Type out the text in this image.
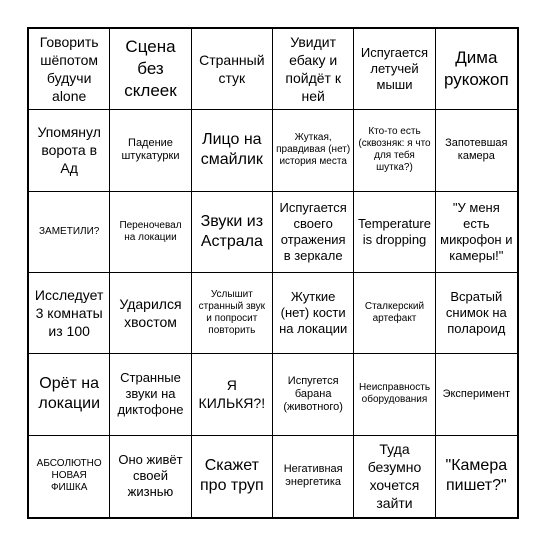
Говорить шёпотом будучи alone
Сцена без склеек
Странный стук
Увидит ебаку и пойдёт к ней
Испугается летучей мыши
Дима рукожоп
Упомянул ворота в Ад
Падение штукатурки
Лицо на смайлик
Жуткая, правдивая (нет) история места
Кто-то есть (сквозняк: я что для тебя шутка?)
Запотевшая камера
ЗАМЕТИЛИ?
Переночевал на локации
Звуки из Астрала
Испугается своего отражения в зеркале
Temperature is dropping
"У меня есть микрофон и камеры!"
Исследует 3 комнаты из 100
Ударился хвостом
Услышит странный звук и попросит повторить
Жуткие (нет) кости на локации
Сталкерский артефакт
Всратый снимок на полароид
Орёт на локации
Странные звуки на диктофоне
Я КИЛЬКЯ?!
Испугется барана (животного)
Неисправность оборудования	Эксперимент
АБСОЛЮТНО НОВАЯ ФИШКА
Оно живёт своей жизнью
Скажет про труп
Негативная энергетика
Туда безумно хочется зайти
"Камера пишет?"
